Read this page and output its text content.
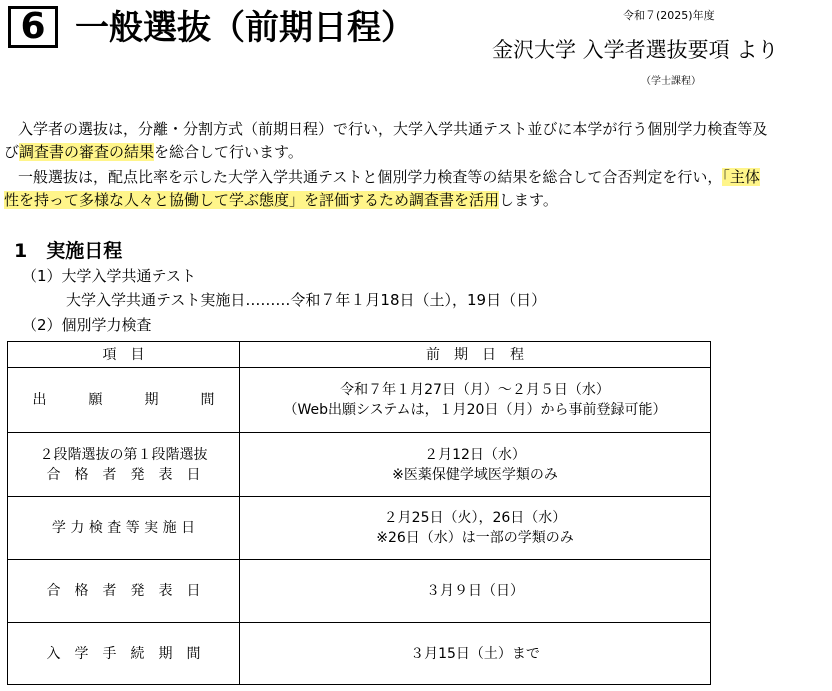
6 一般選抜（前期日程）	令和７(2025)年度
金沢大学 入学者選抜要項 より
（学士課程）
入学者の選抜は，分離・分割方式（前期日程）で行い，大学入学共通テスト並びに本学が行う個別学力検査等及
び調査書の審査の結果を総合して行います。
一般選抜は，配点比率を示した大学入学共通テストと個別学力検査等の結果を総合して合否判定を行い，「主体
性を持って多様な人々と協働して学ぶ態度」を評価するため調査書を活用します。
1　実施日程
（1）大学入学共通テスト
大学入学共通テスト実施日………令和７年１月18日（土），19日（日）
（2）個別学力検査
項　目	前　期　日　程

出　　　願　　　期　　　間	令和７年１月27日（月）～２月５日（水）
（Web出願システムは，１月20日（月）から事前登録可能）

２段階選抜の第１段階選抜
合　格　者　発　表　日	２月12日（水）
※医薬保健学域医学類のみ

学 力 検 査 等 実 施 日	２月25日（火），26日（水）
※26日（水）は一部の学類のみ

合　格　者　発　表　日	３月９日（日）

入　学　手　続　期　間	３月15日（土）まで
